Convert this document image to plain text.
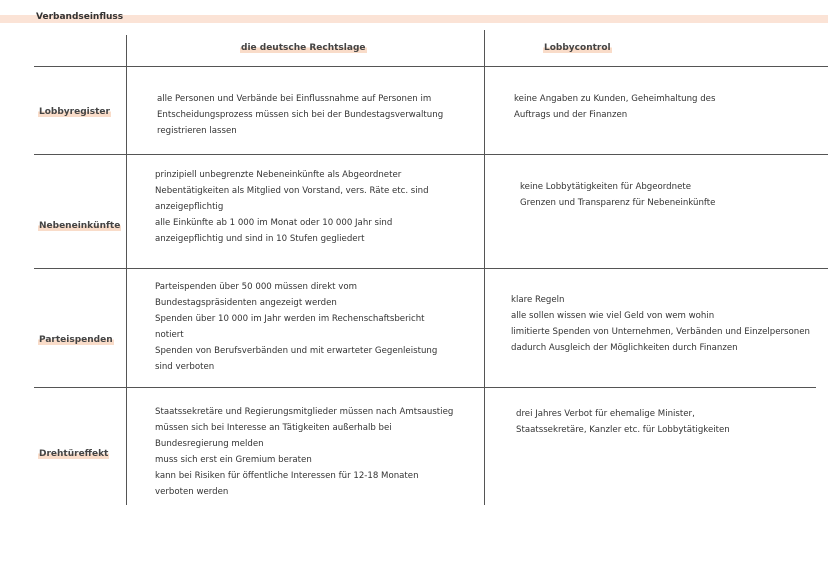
Verbandseinfluss
die deutsche Rechtslage	Lobbycontrol
Lobbyregister
Nebeneinkünfte
Parteispenden
Drehtüreffekt
alle Personen und Verbände bei Einflussnahme auf Personen im
Entscheidungsprozess müssen sich bei der Bundestagsverwaltung
registrieren lassen
keine Angaben zu Kunden, Geheimhaltung des
Auftrags und der Finanzen
prinzipiell unbegrenzte Nebeneinkünfte als Abgeordneter
Nebentätigkeiten als Mitglied von Vorstand, vers. Räte etc. sind
anzeigepflichtig
alle Einkünfte ab 1 000 im Monat oder 10 000 Jahr sind
anzeigepflichtig und sind in 10 Stufen gegliedert
keine Lobbytätigkeiten für Abgeordnete
Grenzen und Transparenz für Nebeneinkünfte
Parteispenden über 50 000 müssen direkt vom
Bundestagspräsidenten angezeigt werden
Spenden über 10 000 im Jahr werden im Rechenschaftsbericht
notiert
Spenden von Berufsverbänden und mit erwarteter Gegenleistung
sind verboten
klare Regeln
alle sollen wissen wie viel Geld von wem wohin
limitierte Spenden von Unternehmen, Verbänden und Einzelpersonen
dadurch Ausgleich der Möglichkeiten durch Finanzen
Staatssekretäre und Regierungsmitglieder müssen nach Amtsaustieg
müssen sich bei Interesse an Tätigkeiten außerhalb bei
Bundesregierung melden
muss sich erst ein Gremium beraten
kann bei Risiken für öffentliche Interessen für 12-18 Monaten
verboten werden
drei Jahres Verbot für ehemalige Minister,
Staatssekretäre, Kanzler etc. für Lobbytätigkeiten
